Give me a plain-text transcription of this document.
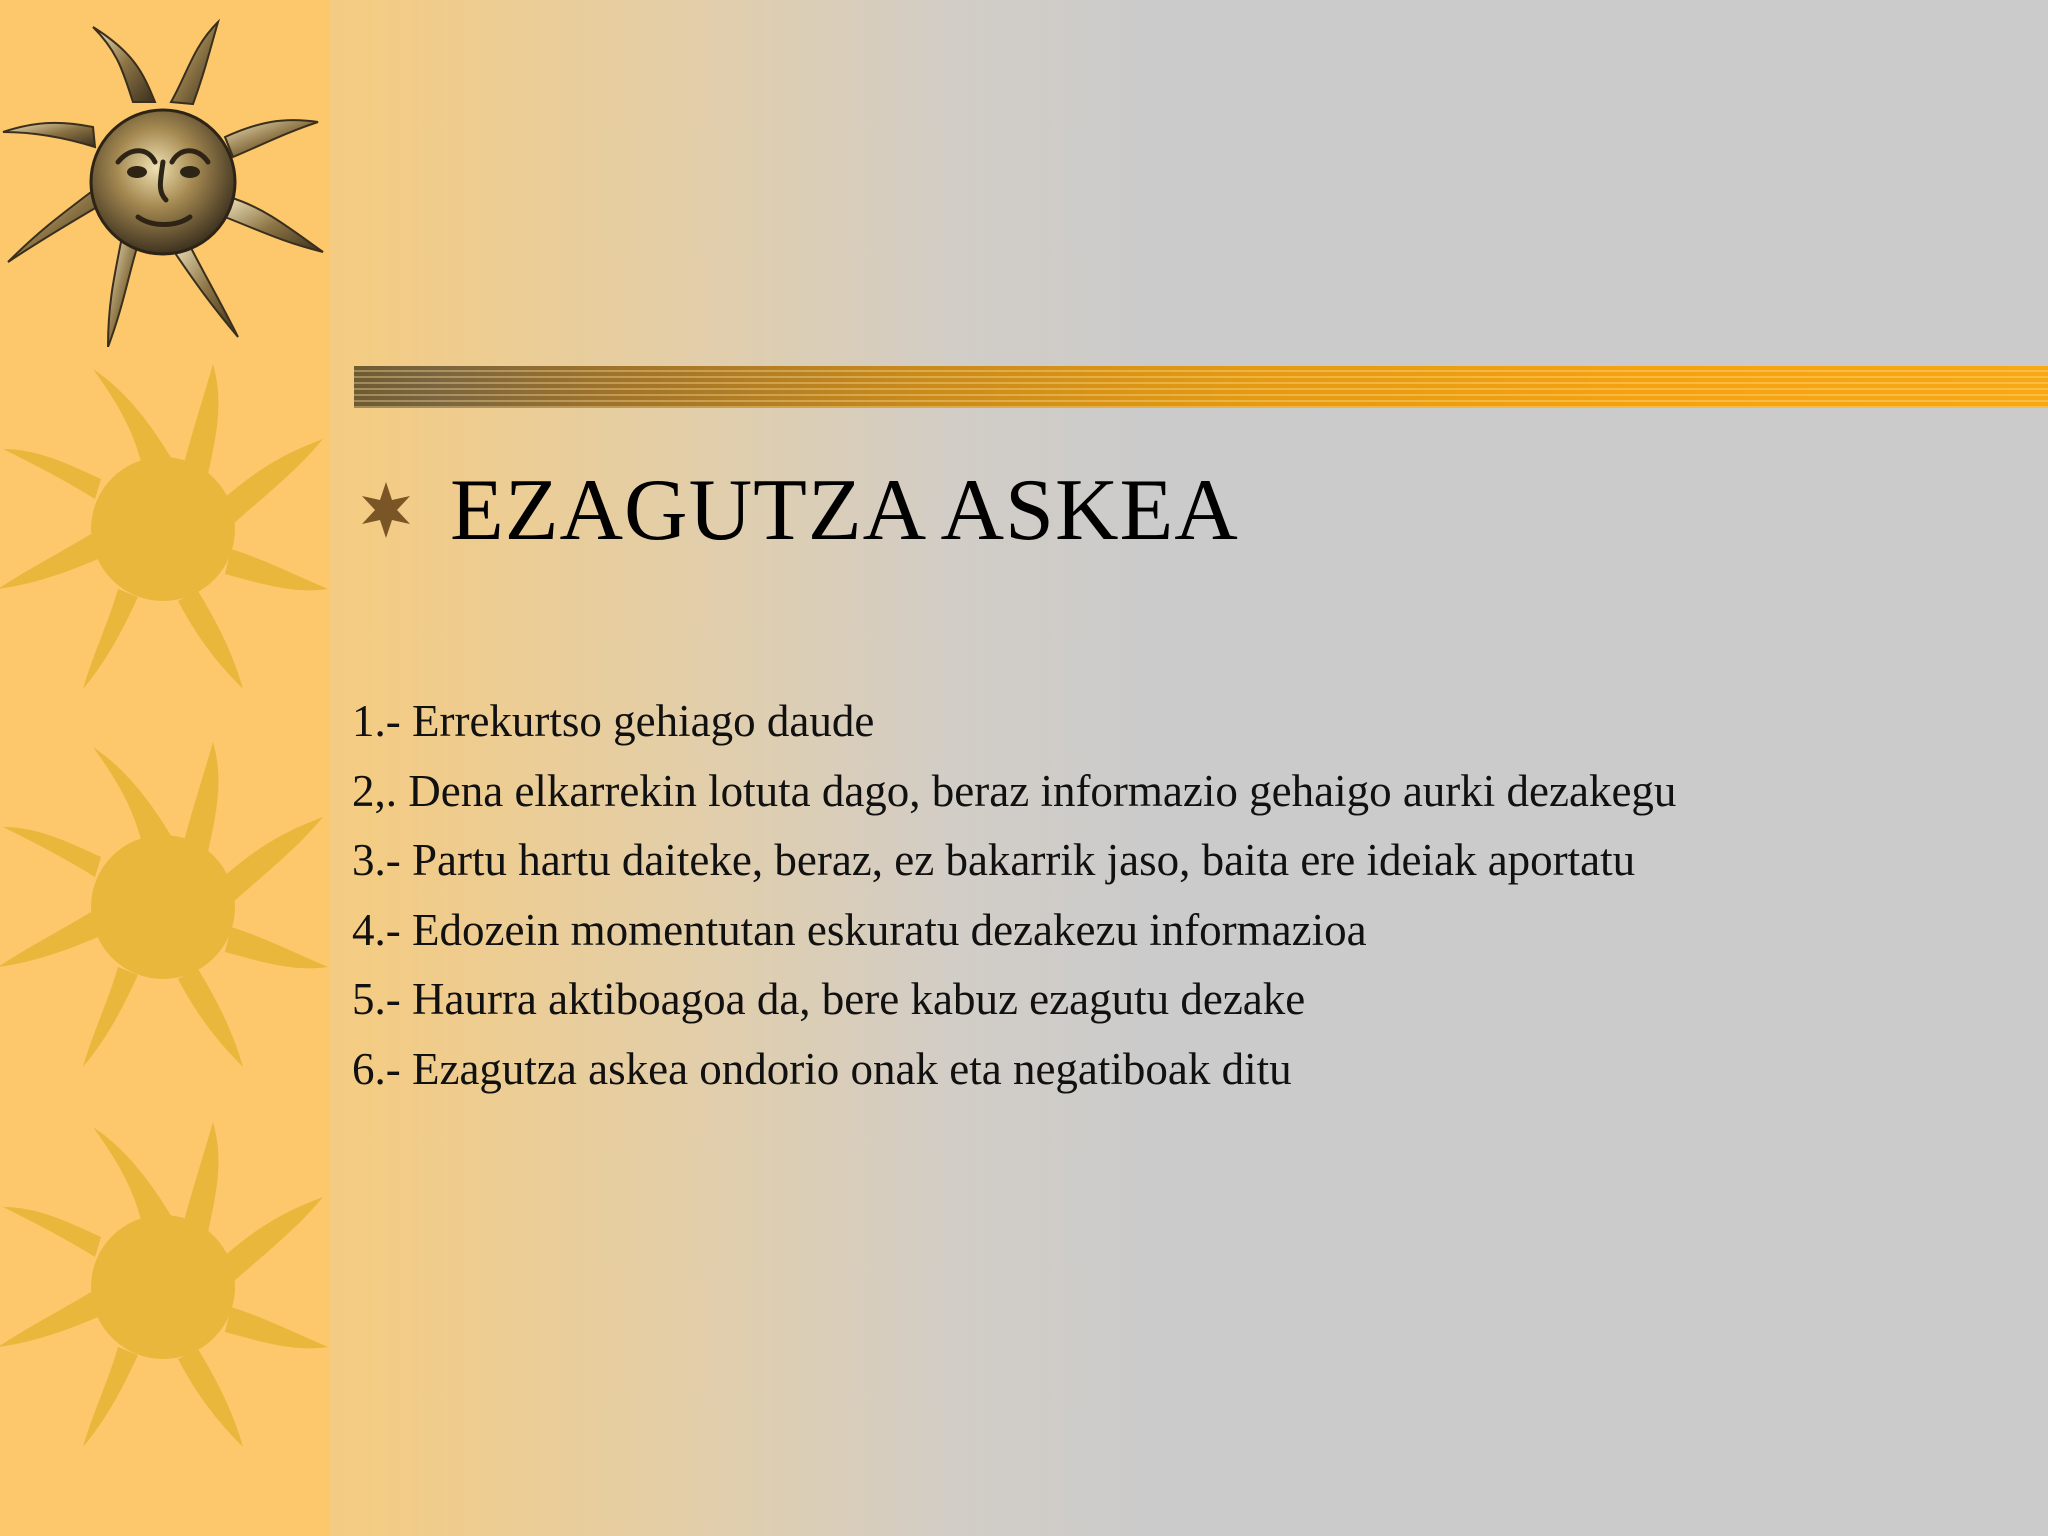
EZAGUTZA ASKEA
1.- Errekurtso gehiago daude
2,. Dena elkarrekin lotuta dago, beraz informazio gehaigo aurki dezakegu
3.- Partu hartu daiteke, beraz, ez bakarrik jaso, baita ere ideiak aportatu
4.- Edozein momentutan eskuratu dezakezu informazioa
5.- Haurra aktiboagoa da, bere kabuz ezagutu dezake
6.- Ezagutza askea ondorio onak eta negatiboak ditu
